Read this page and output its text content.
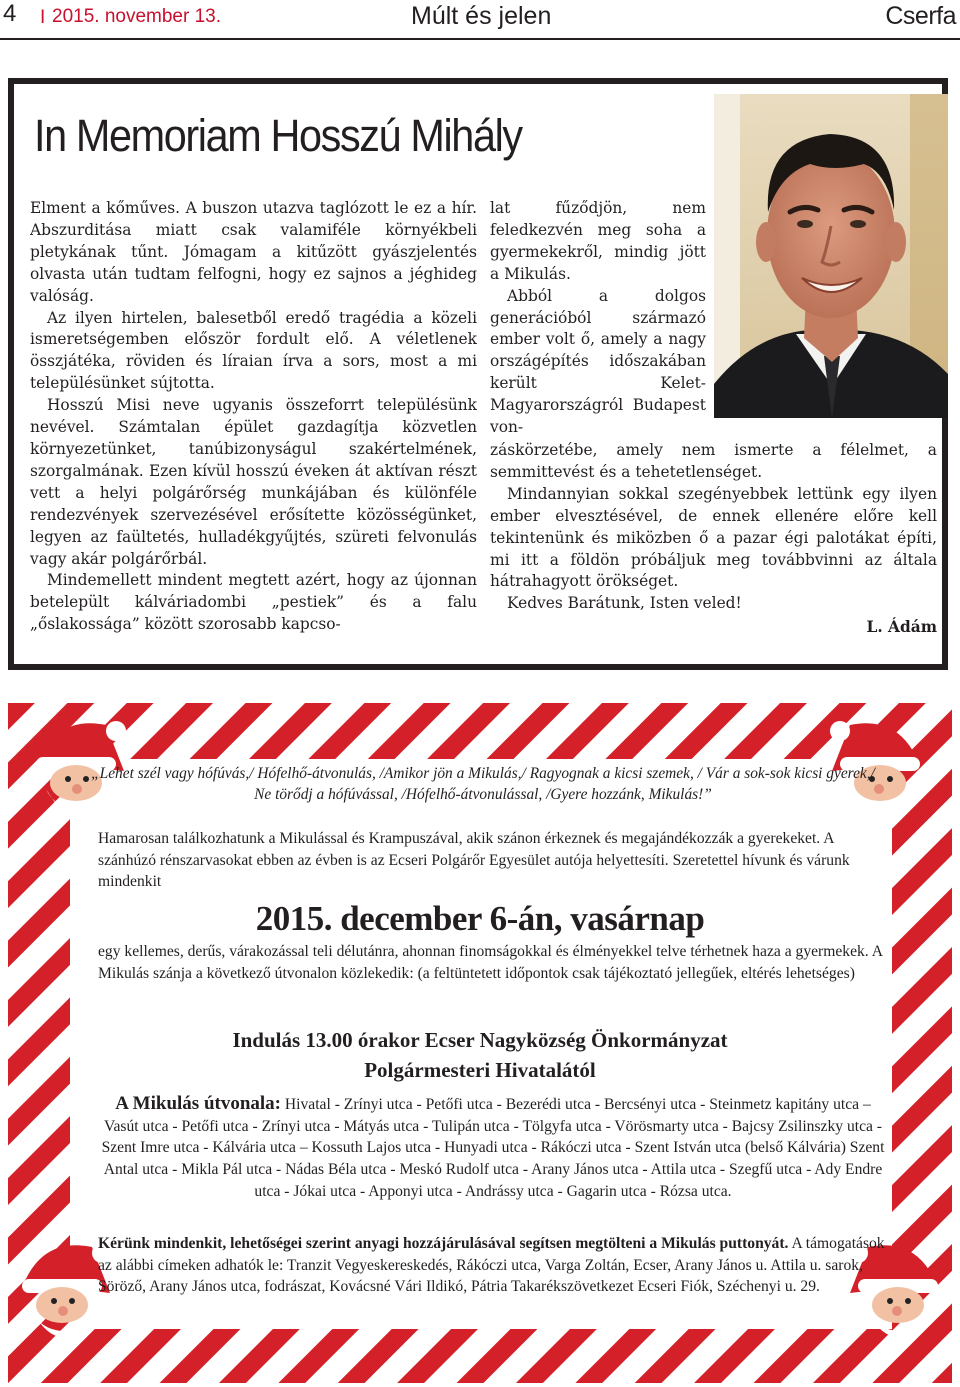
4 I 2015. november 13.	Múlt és jelen	Cserfa
In Memoriam Hosszú Mihály

Elment a kőműves. A buszon utazva taglózott le ez a hír. Abszurditása miatt csak valamiféle környékbeli pletykának tűnt. Jómagam a kitűzött gyászjelentés olvasta után tudtam felfogni, hogy ez sajnos a jéghideg valóság.

Az ilyen hirtelen, balesetből eredő tragédia a közeli ismeretségemben először fordult elő. A véletlenek összjátéka, röviden és líraian írva a sors, most a mi településünket sújtotta.

Hosszú Misi neve ugyanis összeforrt településünk nevével. Számtalan épület gazdagítja közvetlen környezetünket, tanúbizonyságul szakértelmének, szorgalmának. Ezen kívül hosszú éveken át aktívan részt vett a helyi polgárőrség munkájában és különféle rendezvények szervezésével erősítette közösségünket, legyen az faültetés, hulladékgyűjtés, szüreti felvonulás vagy akár polgárőrbál.

Mindemellett mindent megtett azért, hogy az újonnan betelepült kálváriadombi „pestiek” és a falu „őslakossága” között szorosabb kapcso-

lat fűződjön, nem feledkezvén meg soha a gyermekekről, mindig jött a Mikulás.

Abból a dolgos generációból származó ember volt ő, amely a nagy országépítés időszakában került Kelet-Magyarországról Budapest von-

záskörzetébe, amely nem ismerte a félelmet, a semmittevést és a tehetetlenséget.

Mindannyian sokkal szegényebbek lettünk egy ilyen ember elvesztésével, de ennek ellenére előre kell tekintenünk és miközben ő a pazar égi palotákat építi, mi itt a földön próbáljuk meg továbbvinni az általa hátrahagyott örökséget.

Kedves Barátunk, Isten veled!

L. Ádám
„Lehet szél vagy hófúvás,/ Hófelhő-átvonulás, /Amikor jön a Mikulás,/ Ragyognak a kicsi szemek, / Vár a sok-sok kicsi gyerek,/ Ne törődj a hófúvással, /Hófelhő-átvonulással, /Gyere hozzánk, Mikulás!”
Hamarosan találkozhatunk a Mikulással és Krampuszával, akik szánon érkeznek és megajándékozzák a gyerekeket. A szánhúzó rénszarvasokat ebben az évben is az Ecseri Polgárőr Egyesület autója helyettesíti. Szeretettel hívunk és várunk mindenkit
2015. december 6-án, vasárnap
egy kellemes, derűs, várakozással teli délutánra, ahonnan finomságokkal és élményekkel telve térhetnek haza a gyermekek. A Mikulás szánja a következő útvonalon közlekedik: (a feltüntetett időpontok csak tájékoztató jellegűek, eltérés lehetséges)
Indulás 13.00 órakor Ecser Nagyközség Önkormányzat
Polgármesteri Hivatalától
A Mikulás útvonala: Hivatal - Zrínyi utca - Petőfi utca - Bezerédi utca - Bercsényi utca - Steinmetz kapitány utca –Vasút utca - Petőfi utca - Zrínyi utca - Mátyás utca - Tulipán utca - Tölgyfa utca - Vörösmarty utca - Bajcsy Zsilinszky utca - Szent Imre utca - Kálvária utca – Kossuth Lajos utca - Hunyadi utca - Rákóczi utca - Szent István utca (belső Kálvária) Szent Antal utca - Mikla Pál utca - Nádas Béla utca - Meskó Rudolf utca - Arany János utca - Attila utca - Szegfű utca - Ady Endre utca - Jókai utca - Apponyi utca - Andrássy utca - Gagarin utca - Rózsa utca.
Kérünk mindenkit, lehetőségei szerint anyagi hozzájárulásával segítsen megtölteni a Mikulás puttonyát. A támogatások az alábbi címeken adhatók le: Tranzit Vegyeskereskedés, Rákóczi utca, Varga Zoltán, Ecser, Arany János u. Attila u. sarok, Söröző, Arany János utca, fodrászat, Kovácsné Vári Ildikó, Pátria Takarékszövetkezet Ecseri Fiók, Széchenyi u. 29.
